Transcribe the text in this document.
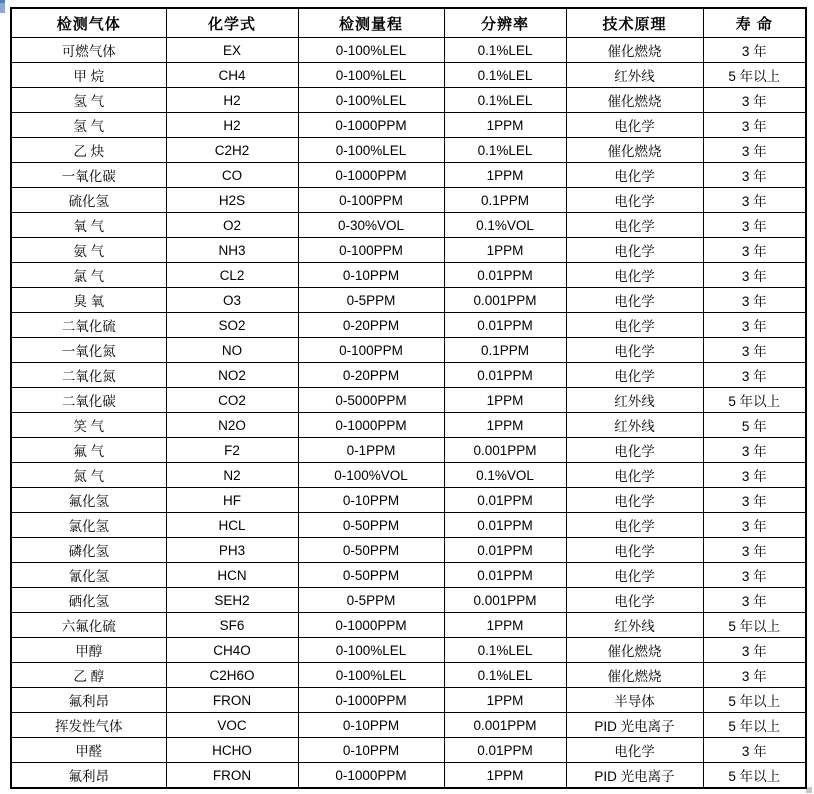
检测气体	化学式	检测量程	分辨率	技术原理	寿 命
可燃气体	EX	0-100%LEL	0.1%LEL	催化燃烧	3 年
甲 烷	CH4	0-100%LEL	0.1%LEL	红外线	5 年以上
氢 气	H2	0-100%LEL	0.1%LEL	催化燃烧	3 年
氢 气	H2	0-1000PPM	1PPM	电化学	3 年
乙 炔	C2H2	0-100%LEL	0.1%LEL	催化燃烧	3 年
一氧化碳	CO	0-1000PPM	1PPM	电化学	3 年
硫化氢	H2S	0-100PPM	0.1PPM	电化学	3 年
氧 气	O2	0-30%VOL	0.1%VOL	电化学	3 年
氨 气	NH3	0-100PPM	1PPM	电化学	3 年
氯 气	CL2	0-10PPM	0.01PPM	电化学	3 年
臭 氧	O3	0-5PPM	0.001PPM	电化学	3 年
二氧化硫	SO2	0-20PPM	0.01PPM	电化学	3 年
一氧化氮	NO	0-100PPM	0.1PPM	电化学	3 年
二氧化氮	NO2	0-20PPM	0.01PPM	电化学	3 年
二氧化碳	CO2	0-5000PPM	1PPM	红外线	5 年以上
笑 气	N2O	0-1000PPM	1PPM	红外线	5 年
氟 气	F2	0-1PPM	0.001PPM	电化学	3 年
氮 气	N2	0-100%VOL	0.1%VOL	电化学	3 年
氟化氢	HF	0-10PPM	0.01PPM	电化学	3 年
氯化氢	HCL	0-50PPM	0.01PPM	电化学	3 年
磷化氢	PH3	0-50PPM	0.01PPM	电化学	3 年
氰化氢	HCN	0-50PPM	0.01PPM	电化学	3 年
硒化氢	SEH2	0-5PPM	0.001PPM	电化学	3 年
六氟化硫	SF6	0-1000PPM	1PPM	红外线	5 年以上
甲醇	CH4O	0-100%LEL	0.1%LEL	催化燃烧	3 年
乙 醇	C2H6O	0-100%LEL	0.1%LEL	催化燃烧	3 年
氟利昂	FRON	0-1000PPM	1PPM	半导体	5 年以上
挥发性气体	VOC	0-10PPM	0.001PPM	PID 光电离子	5 年以上
甲醛	HCHO	0-10PPM	0.01PPM	电化学	3 年
氟利昂	FRON	0-1000PPM	1PPM	PID 光电离子	5 年以上
